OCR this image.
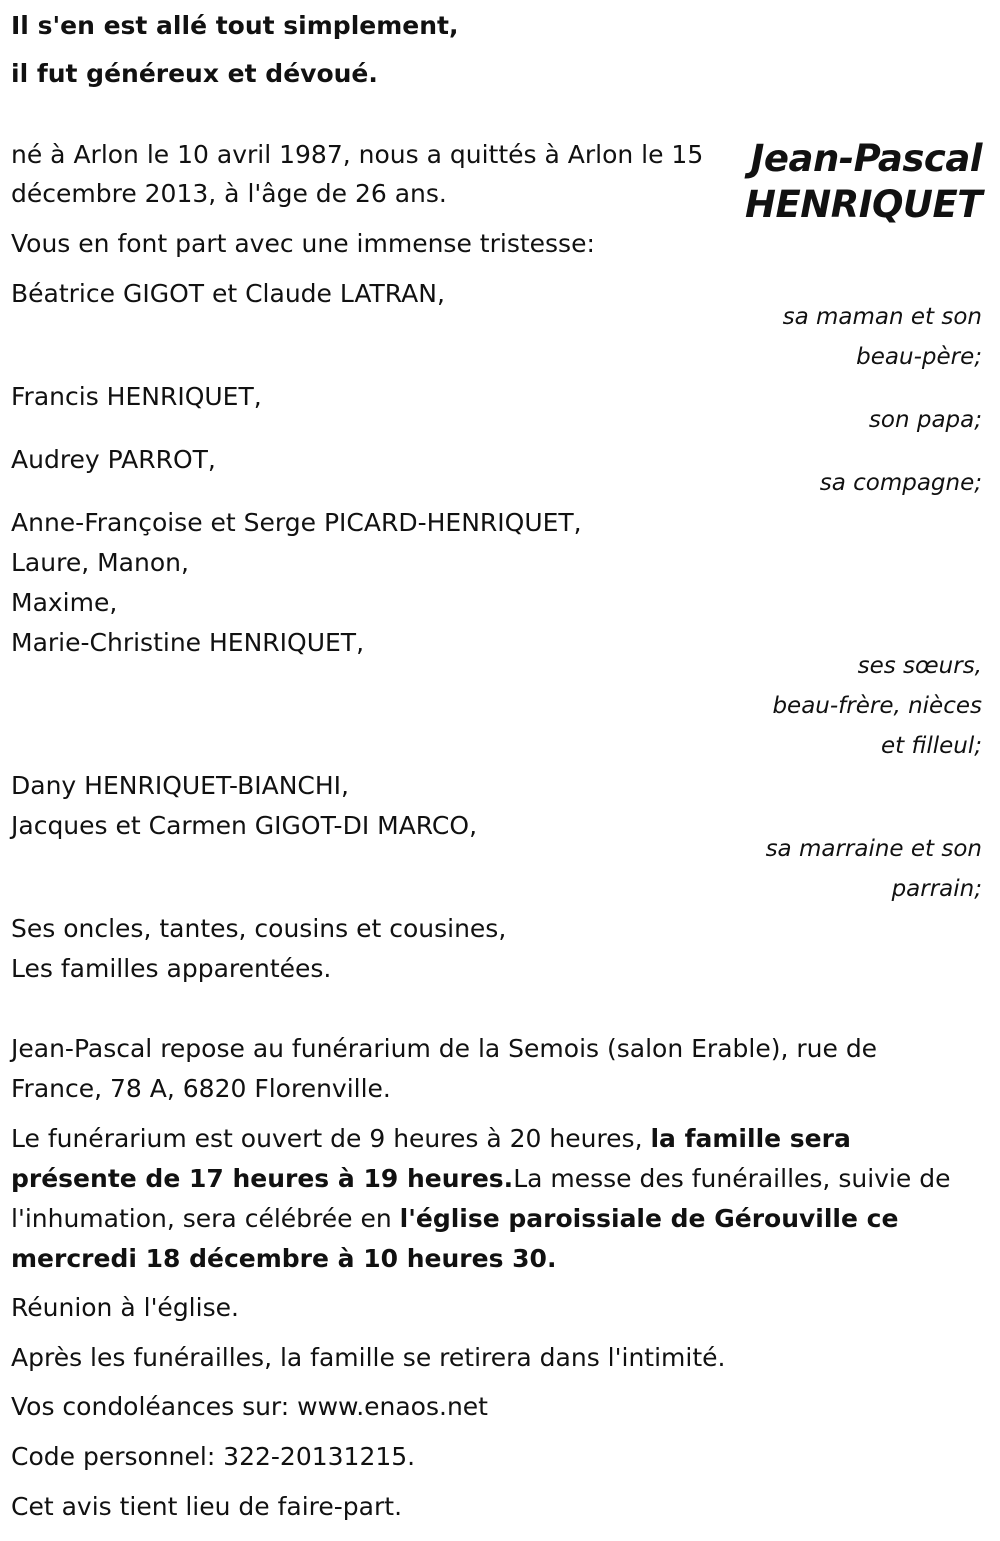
Il s'en est allé tout simplement,

il fut généreux et dévoué.

Jean-Pascal
HENRIQUET

né à Arlon le 10 avril 1987, nous a quittés à Arlon le 15

décembre 2013, à l'âge de 26 ans.

Vous en font part avec une immense tristesse:

Béatrice GIGOT et Claude LATRAN,

sa maman et son
beau-père;

Francis HENRIQUET,

son papa;

Audrey PARROT,

sa compagne;
Anne-Françoise et Serge PICARD-HENRIQUET,
Laure, Manon,
Maxime,
Marie-Christine HENRIQUET,
ses sœurs,
beau-frère, nièces
et filleul;
Dany HENRIQUET-BIANCHI,
Jacques et Carmen GIGOT-DI MARCO,
sa marraine et son
parrain;
Ses oncles, tantes, cousins et cousines,
Les familles apparentées.
Jean-Pascal repose au funérarium de la Semois (salon Erable), rue de
France, 78 A, 6820 Florenville.
Le funérarium est ouvert de 9 heures à 20 heures, la famille sera
présente de 17 heures à 19 heures.La messe des funérailles, suivie de
l'inhumation, sera célébrée en l'église paroissiale de Gérouville ce
mercredi 18 décembre à 10 heures 30.

Réunion à l'église.

Après les funérailles, la famille se retirera dans l'intimité.

Vos condoléances sur: www.enaos.net

Code personnel: 322-20131215.

Cet avis tient lieu de faire-part.
